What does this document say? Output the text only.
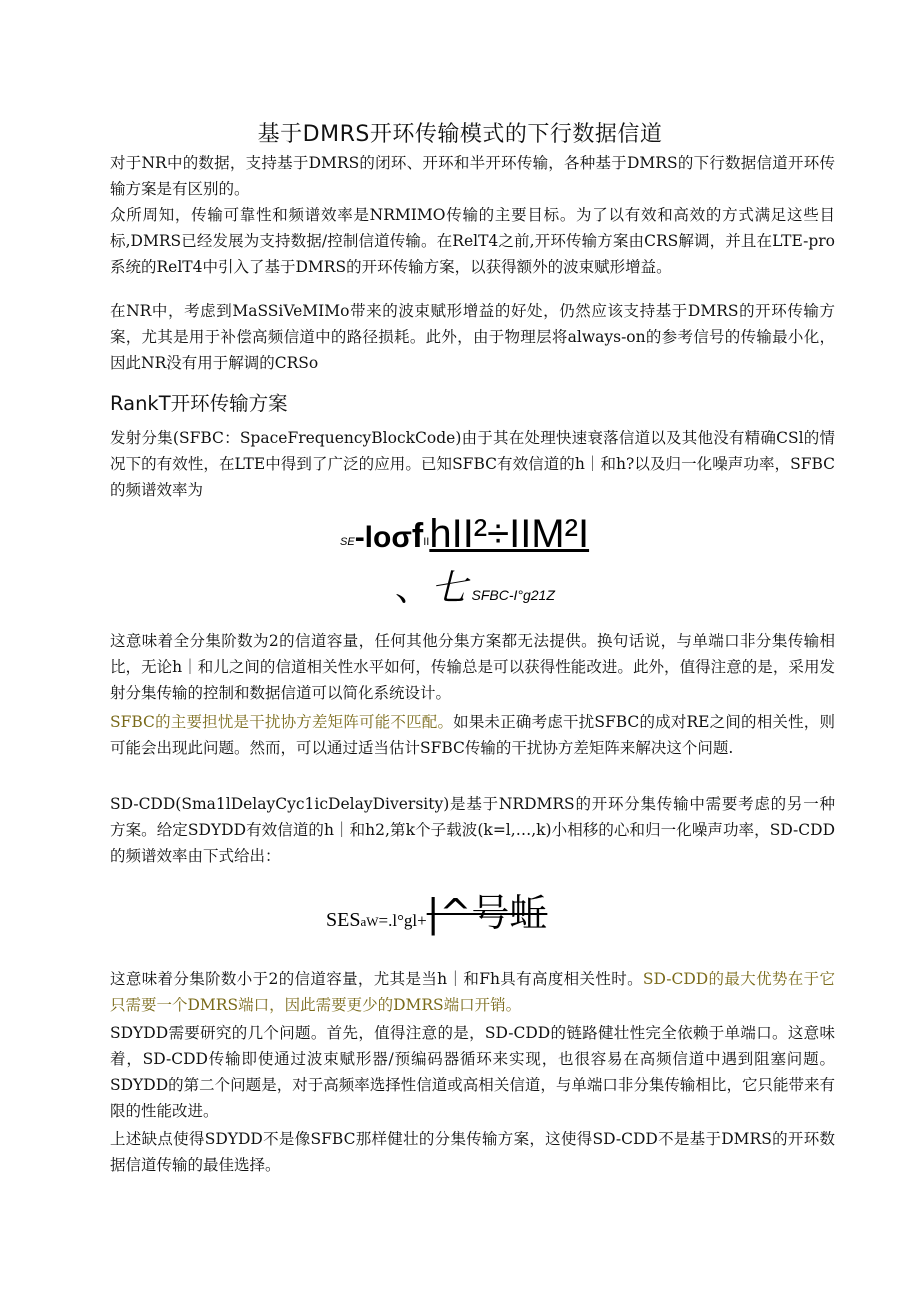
基于DMRS开环传输模式的下行数据信道

对于NR中的数据，支持基于DMRS的闭环、开环和半开环传输，各种基于DMRS的下行数据信道开环传输方案是有区别的。

众所周知，传输可靠性和频谱效率是NRMIMO传输的主要目标。为了以有效和高效的方式满足这些目标,DMRS已经发展为支持数据/控制信道传输。在RelT4之前,开环传输方案由CRS解调，并且在LTE-pro系统的RelT4中引入了基于DMRS的开环传输方案，以获得额外的波束赋形增益。

在NR中，考虑到MaSSiVeMIMo带来的波束赋形增益的好处，仍然应该支持基于DMRS的开环传输方案，尤其是用于补偿高频信道中的路径损耗。此外，由于物理层将always-on的参考信号的传输最小化，因此NR没有用于解调的CRSo

RankT开环传输方案

发射分集(SFBC：SpaceFrequencyBlockCode)由于其在处理快速衰落信道以及其他没有精确CSl的情况下的有效性，在LTE中得到了广泛的应用。已知SFBC有效信道的h｜和h?以及归一化噪声功率，SFBC的频谱效率为

SE-loσfIIhII²÷IIM²I
、七 SFBC-I°g21Z

这意味着全分集阶数为2的信道容量，任何其他分集方案都无法提供。换句话说，与单端口非分集传输相比，无论h｜和儿之间的信道相关性水平如何，传输总是可以获得性能改进。此外，值得注意的是，采用发射分集传输的控制和数据信道可以简化系统设计。

SFBC的主要担忧是干扰协方差矩阵可能不匹配。如果未正确考虑干扰SFBC的成对RE之间的相关性，则可能会出现此问题。然而，可以通过适当估计SFBC传输的干扰协方差矩阵来解决这个问题.

SD-CDD(Sma1lDelayCyc1icDelayDiversity)是基于NRDMRS的开环分集传输中需要考虑的另一种方案。给定SDYDD有效信道的h｜和h2,第k个子载波(k=l,…,k)小相移的心和归一化噪声功率，SD-CDD的频谱效率由下式给出：

SESaW=.l°gl+|^号蚯

这意味着分集阶数小于2的信道容量，尤其是当h｜和Fh具有高度相关性时。SD-CDD的最大优势在于它只需要一个DMRS端口，因此需要更少的DMRS端口开销。

SDYDD需要研究的几个问题。首先，值得注意的是，SD-CDD的链路健壮性完全依赖于单端口。这意味着，SD-CDD传输即使通过波束赋形器/预编码器循环来实现，也很容易在高频信道中遇到阻塞问题。SDYDD的第二个问题是，对于高频率选择性信道或高相关信道，与单端口非分集传输相比，它只能带来有限的性能改进。

上述缺点使得SDYDD不是像SFBC那样健壮的分集传输方案，这使得SD-CDD不是基于DMRS的开环数据信道传输的最佳选择。
